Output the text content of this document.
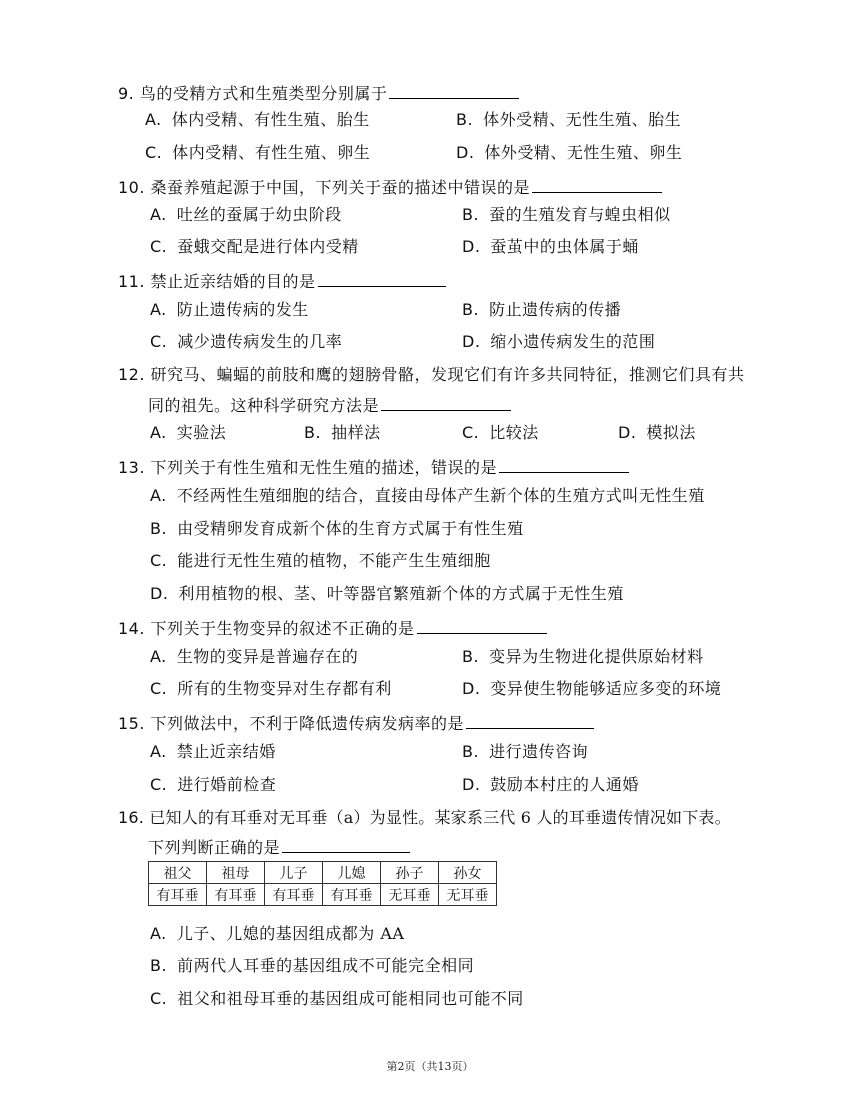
9. 鸟的受精方式和生殖类型分别属于
A. 体内受精、有性生殖、胎生	B. 体外受精、无性生殖、胎生
C. 体内受精、有性生殖、卵生	D. 体外受精、无性生殖、卵生
10. 桑蚕养殖起源于中国，下列关于蚕的描述中错误的是
A. 吐丝的蚕属于幼虫阶段	B. 蚕的生殖发育与蝗虫相似
C. 蚕蛾交配是进行体内受精	D. 蚕茧中的虫体属于蛹
11. 禁止近亲结婚的目的是
A. 防止遗传病的发生	B. 防止遗传病的传播
C. 减少遗传病发生的几率	D. 缩小遗传病发生的范围
12. 研究马、蝙蝠的前肢和鹰的翅膀骨骼，发现它们有许多共同特征，推测它们具有共
同的祖先。这种科学研究方法是
A. 实验法	B. 抽样法	C. 比较法	D. 模拟法
13. 下列关于有性生殖和无性生殖的描述，错误的是
A. 不经两性生殖细胞的结合，直接由母体产生新个体的生殖方式叫无性生殖
B. 由受精卵发育成新个体的生育方式属于有性生殖
C. 能进行无性生殖的植物，不能产生生殖细胞
D. 利用植物的根、茎、叶等器官繁殖新个体的方式属于无性生殖
14. 下列关于生物变异的叙述不正确的是
A. 生物的变异是普遍存在的	B. 变异为生物进化提供原始材料
C. 所有的生物变异对生存都有利	D. 变异使生物能够适应多变的环境
15. 下列做法中，不利于降低遗传病发病率的是
A. 禁止近亲结婚	B. 进行遗传咨询
C. 进行婚前检查	D. 鼓励本村庄的人通婚
16. 已知人的有耳垂对无耳垂（a）为显性。某家系三代 6 人的耳垂遗传情况如下表。
下列判断正确的是
祖父	祖母	儿子	儿媳	孙子	孙女
有耳垂	有耳垂	有耳垂	有耳垂	无耳垂	无耳垂
A. 儿子、儿媳的基因组成都为 AA
B. 前两代人耳垂的基因组成不可能完全相同
C. 祖父和祖母耳垂的基因组成可能相同也可能不同
第2页（共13页）
